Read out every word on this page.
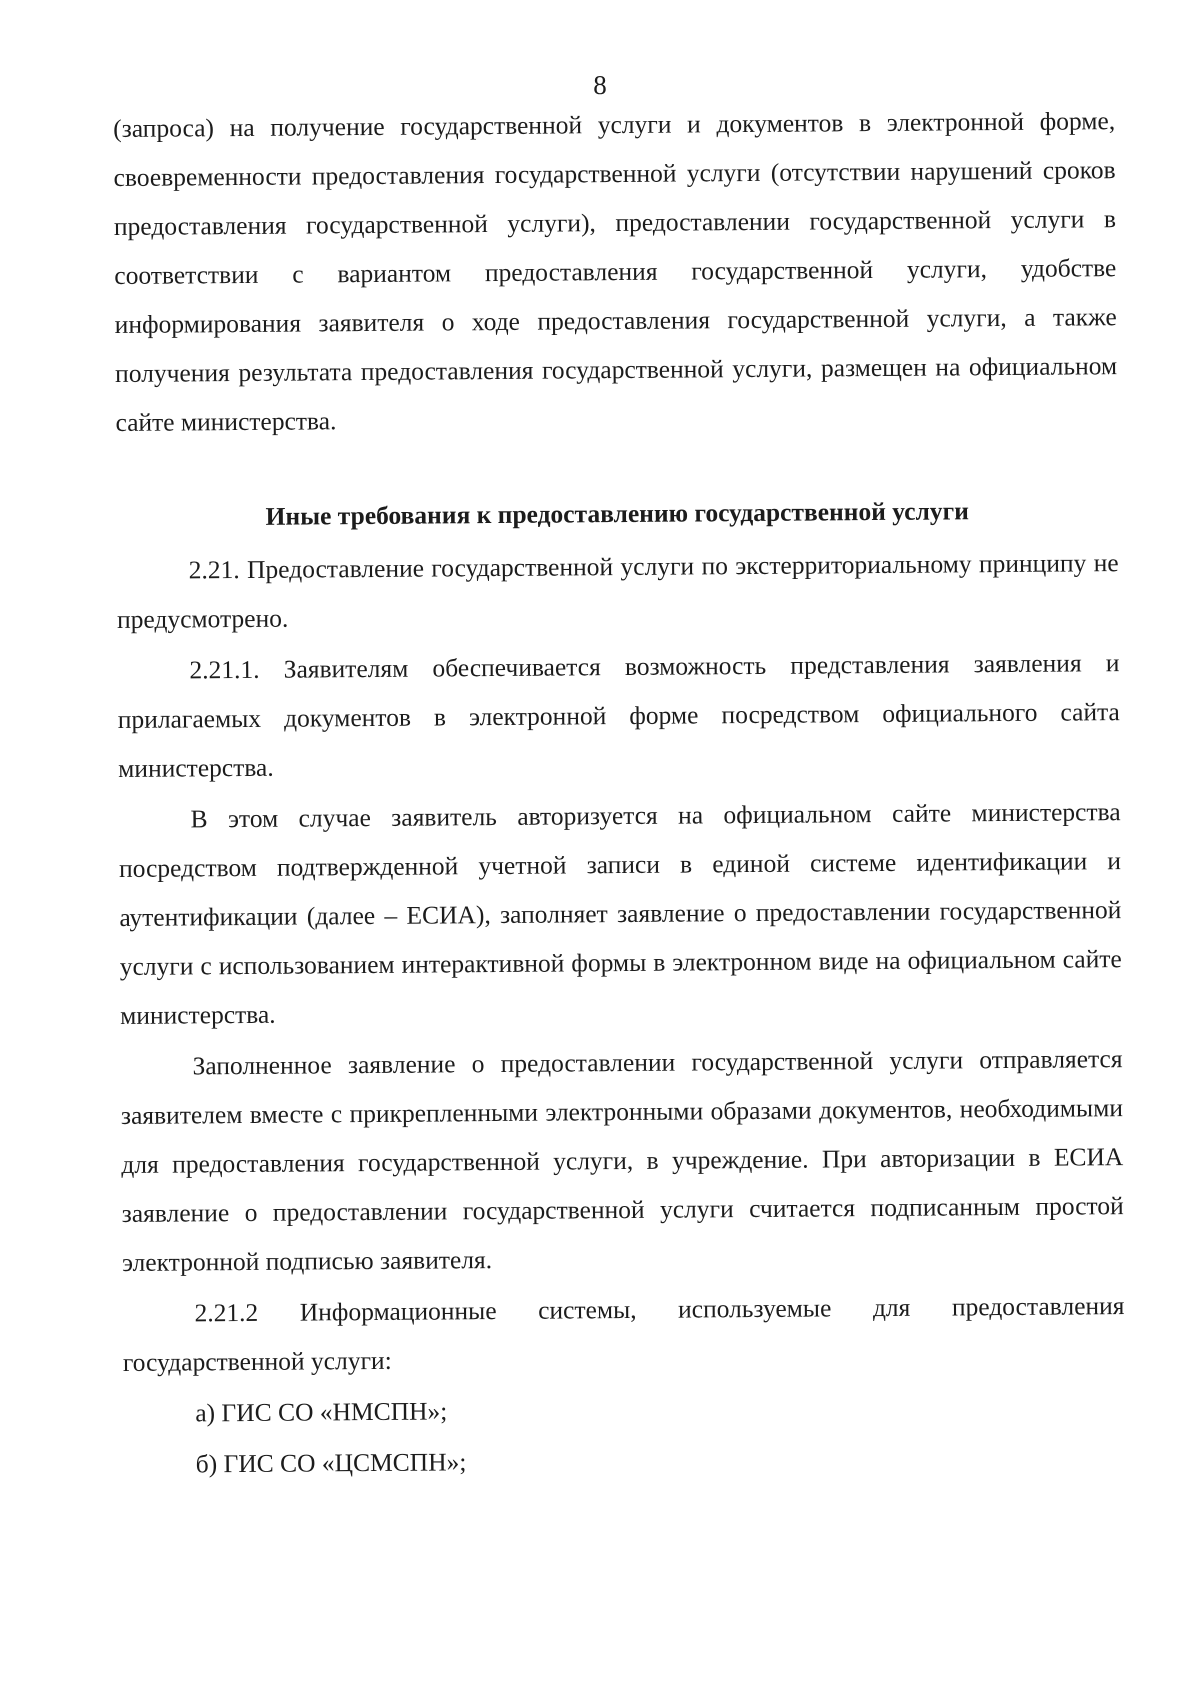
8

(запроса) на получение государственной услуги и документов в электронной форме, своевременности предоставления государственной услуги (отсутствии нарушений сроков предоставления государственной услуги), предоставлении государственной услуги в соответствии с вариантом предоставления государственной услуги, удобстве информирования заявителя о ходе предоставления государственной услуги, а также получения результата предоставления государственной услуги, размещен на официальном сайте министерства.

Иные требования к предоставлению государственной услуги

2.21. Предоставление государственной услуги по экстерриториальному принципу не предусмотрено.

2.21.1. Заявителям обеспечивается возможность представления заявления и прилагаемых документов в электронной форме посредством официального сайта министерства.

В этом случае заявитель авторизуется на официальном сайте министерства посредством подтвержденной учетной записи в единой системе идентификации и аутентификации (далее – ЕСИА), заполняет заявление о предоставлении государственной услуги с использованием интерактивной формы в электронном виде на официальном сайте министерства.

Заполненное заявление о предоставлении государственной услуги отправляется заявителем вместе с прикрепленными электронными образами документов, необходимыми для предоставления государственной услуги, в учреждение. При авторизации в ЕСИА заявление о предоставлении государственной услуги считается подписанным простой электронной подписью заявителя.

2.21.2 Информационные системы, используемые для предоставления государственной услуги:

а) ГИС СО «НМСПН»;

б) ГИС СО «ЦСМСПН»;
